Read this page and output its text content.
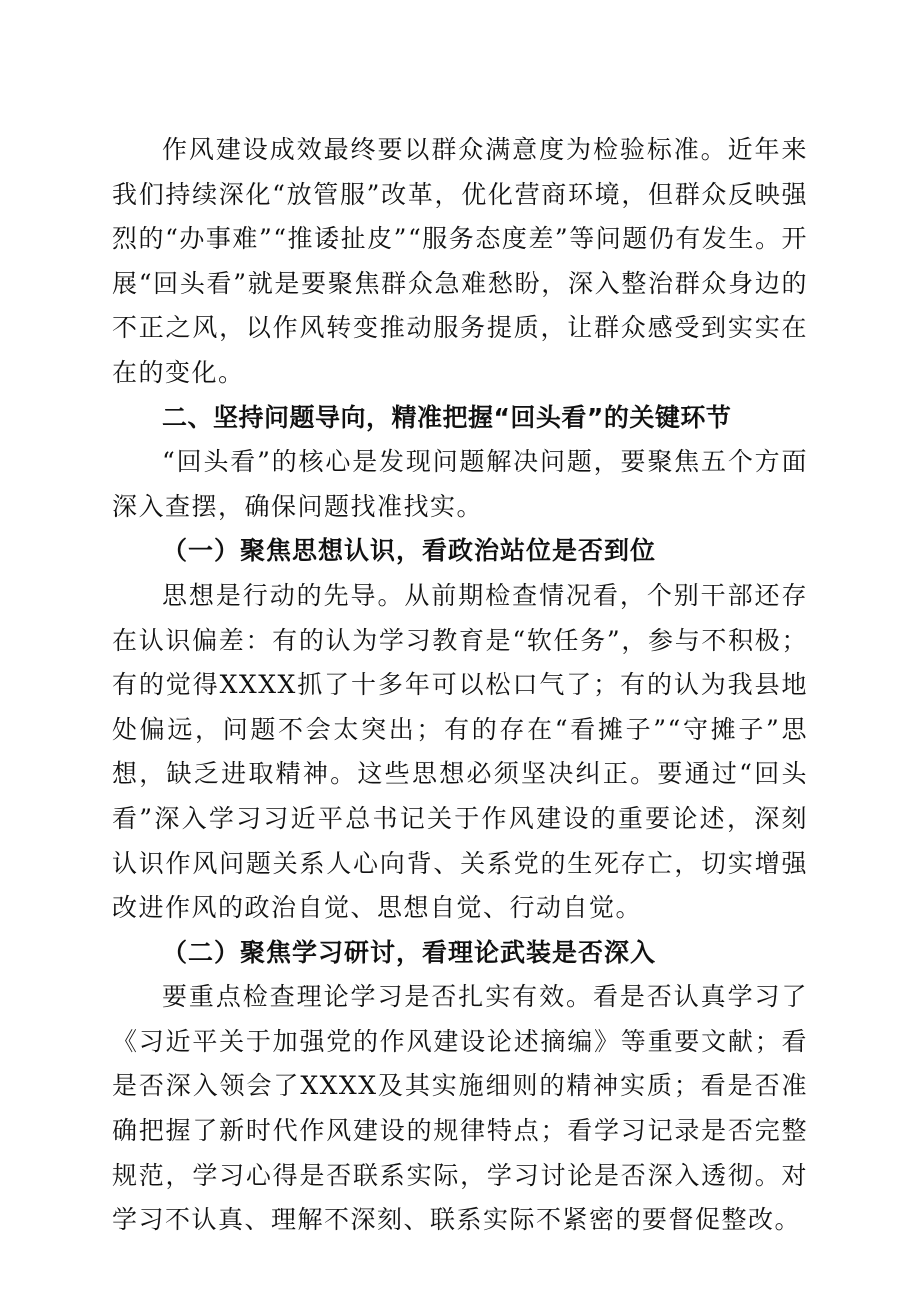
作风建设成效最终要以群众满意度为检验标准。近年来我们持续深化“放管服”改革，优化营商环境，但群众反映强烈的“办事难”“推诿扯皮”“服务态度差”等问题仍有发生。开展“回头看”就是要聚焦群众急难愁盼，深入整治群众身边的不正之风，以作风转变推动服务提质，让群众感受到实实在在的变化。

二、坚持问题导向，精准把握“回头看”的关键环节

“回头看”的核心是发现问题解决问题，要聚焦五个方面深入查摆，确保问题找准找实。

（一）聚焦思想认识，看政治站位是否到位

思想是行动的先导。从前期检查情况看，个别干部还存在认识偏差：有的认为学习教育是“软任务”，参与不积极；有的觉得XXXX抓了十多年可以松口气了；有的认为我县地处偏远，问题不会太突出；有的存在“看摊子”“守摊子”思想，缺乏进取精神。这些思想必须坚决纠正。要通过“回头看”深入学习习近平总书记关于作风建设的重要论述，深刻认识作风问题关系人心向背、关系党的生死存亡，切实增强改进作风的政治自觉、思想自觉、行动自觉。

（二）聚焦学习研讨，看理论武装是否深入

要重点检查理论学习是否扎实有效。看是否认真学习了《习近平关于加强党的作风建设论述摘编》等重要文献；看是否深入领会了XXXX及其实施细则的精神实质；看是否准确把握了新时代作风建设的规律特点；看学习记录是否完整规范，学习心得是否联系实际，学习讨论是否深入透彻。对学习不认真、理解不深刻、联系实际不紧密的要督促整改。
